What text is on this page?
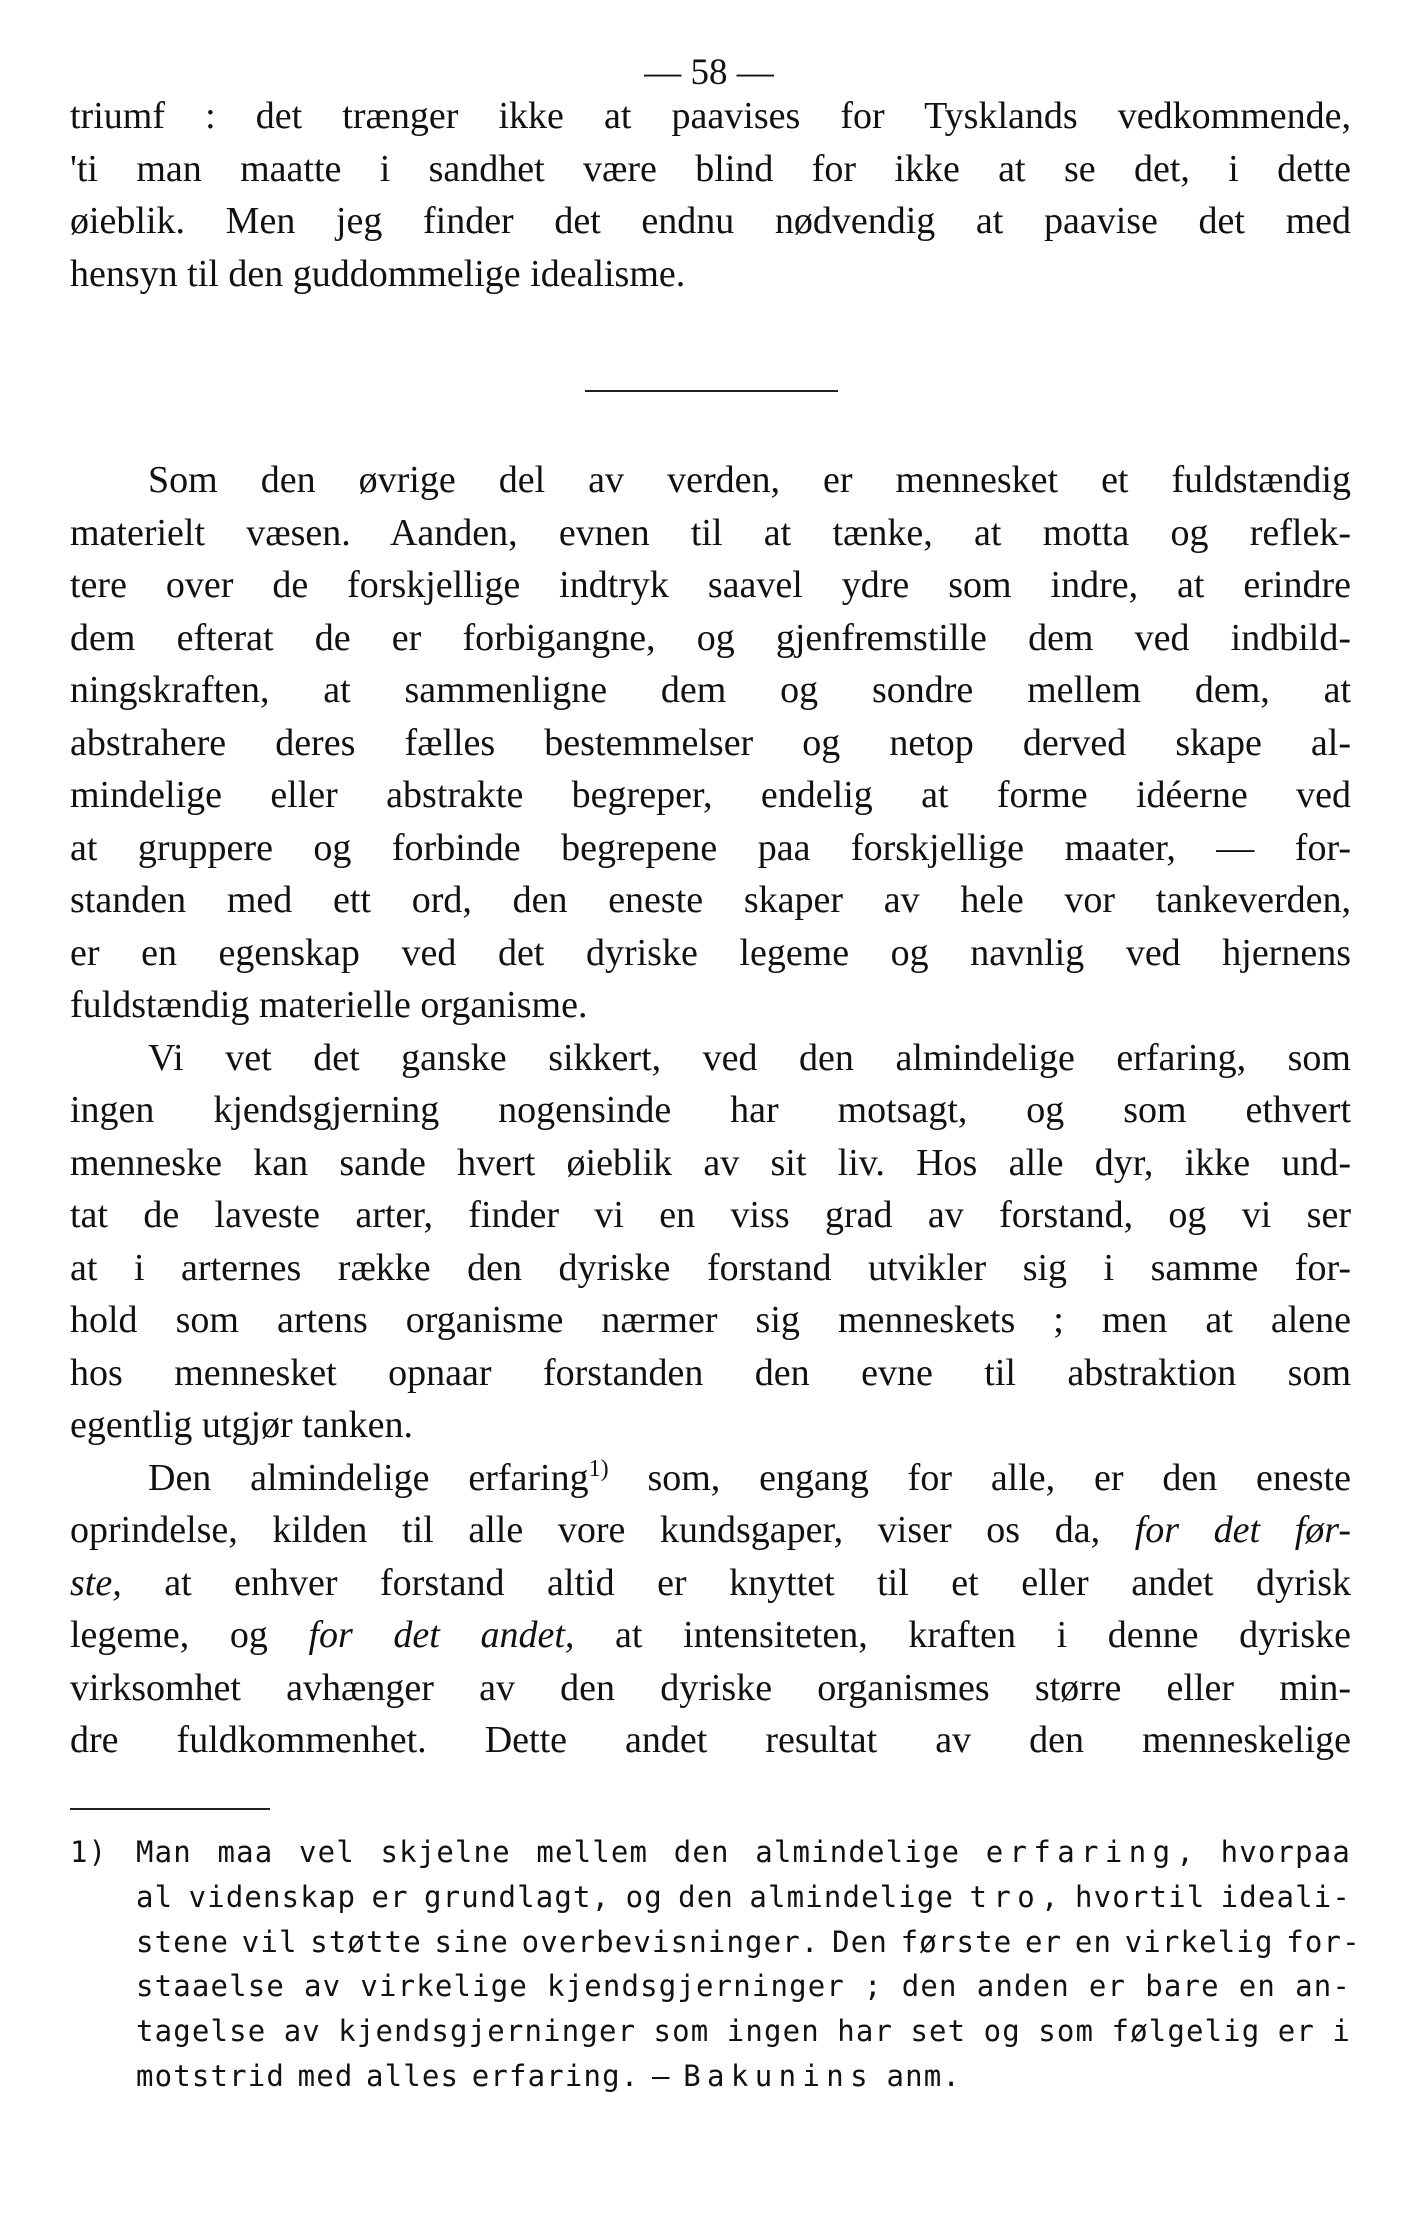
— 58 —
triumf : det trænger ikke at paavises for Tysklands vedkommende,
'ti man maatte i sandhet være blind for ikke at se det, i dette
øieblik. Men jeg finder det endnu nødvendig at paavise det med
hensyn til den guddommelige idealisme.
Som den øvrige del av verden, er mennesket et fuldstændig
materielt væsen. Aanden, evnen til at tænke, at motta og reflek-
tere over de forskjellige indtryk saavel ydre som indre, at erindre
dem efterat de er forbigangne, og gjenfremstille dem ved indbild-
ningskraften, at sammenligne dem og sondre mellem dem, at
abstrahere deres fælles bestemmelser og netop derved skape al-
mindelige eller abstrakte begreper, endelig at forme idéerne ved
at gruppere og forbinde begrepene paa forskjellige maater, — for-
standen med ett ord, den eneste skaper av hele vor tankeverden,
er en egenskap ved det dyriske legeme og navnlig ved hjernens
fuldstændig materielle organisme.
Vi vet det ganske sikkert, ved den almindelige erfaring, som
ingen kjendsgjerning nogensinde har motsagt, og som ethvert
menneske kan sande hvert øieblik av sit liv. Hos alle dyr, ikke und-
tat de laveste arter, finder vi en viss grad av forstand, og vi ser
at i arternes række den dyriske forstand utvikler sig i samme for-
hold som artens organisme nærmer sig menneskets ; men at alene
hos mennesket opnaar forstanden den evne til abstraktion som
egentlig utgjør tanken.
Den almindelige erfaring$^{1)}$ som, engang for alle, er den eneste
oprindelse, kilden til alle vore kundsgaper, viser os da, for det før-
ste, at enhver forstand altid er knyttet til et eller andet dyrisk
legeme, og for det andet, at intensiteten, kraften i denne dyriske
virksomhet avhænger av den dyriske organismes større eller min-
dre fuldkommenhet. Dette andet resultat av den menneskelige
1) Man maa vel skjelne mellem den almindelige erfaring, hvorpaa
al videnskap er grundlagt, og den almindelige tro, hvortil ideali-
stene vil støtte sine overbevisninger. Den første er en virkelig for-
staaelse av virkelige kjendsgjerninger ; den anden er bare en an-
tagelse av kjendsgjerninger som ingen har set og som følgelig er i
motstrid med alles erfaring. — Bakunins anm.
